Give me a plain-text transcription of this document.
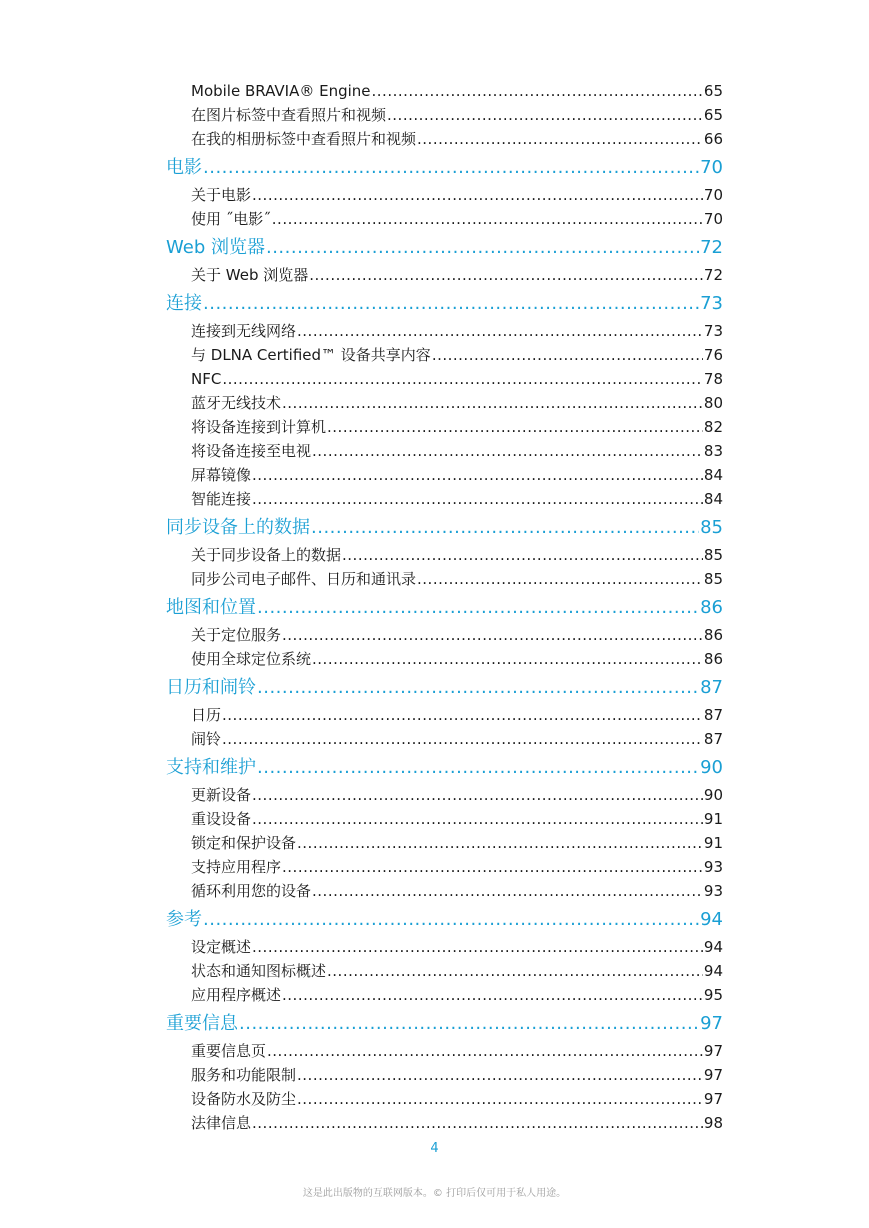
Mobile BRAVIA® Engine .....	65
在图片标签中查看照片和视频 .....	65
在我的相册标签中查看照片和视频 .....	66
电影 .....	70
关于电影 .....	70
使用 ˝电影˝ .....	70
Web 浏览器 .....	72
关于 Web 浏览器 .....	72
连接 .....	73
连接到无线网络 .....	73
与 DLNA Certified™ 设备共享内容 .....	76
NFC .....	78
蓝牙无线技术 .....	80
将设备连接到计算机 .....	82
将设备连接至电视 .....	83
屏幕镜像 .....	84
智能连接 .....	84
同步设备上的数据 .....	85
关于同步设备上的数据 .....	85
同步公司电子邮件、日历和通讯录 .....	85
地图和位置 .....	86
关于定位服务 .....	86
使用全球定位系统 .....	86
日历和闹铃 .....	87
日历 .....	87
闹铃 .....	87
支持和维护 .....	90
更新设备 .....	90
重设设备 .....	91
锁定和保护设备 .....	91
支持应用程序 .....	93
循环利用您的设备 .....	93
参考 .....	94
设定概述 .....	94
状态和通知图标概述 .....	94
应用程序概述 .....	95
重要信息 .....	97
重要信息页 .....	97
服务和功能限制 .....	97
设备防水及防尘 .....	97
法律信息 .....	98
4
这是此出版物的互联网版本。© 打印后仅可用于私人用途。
